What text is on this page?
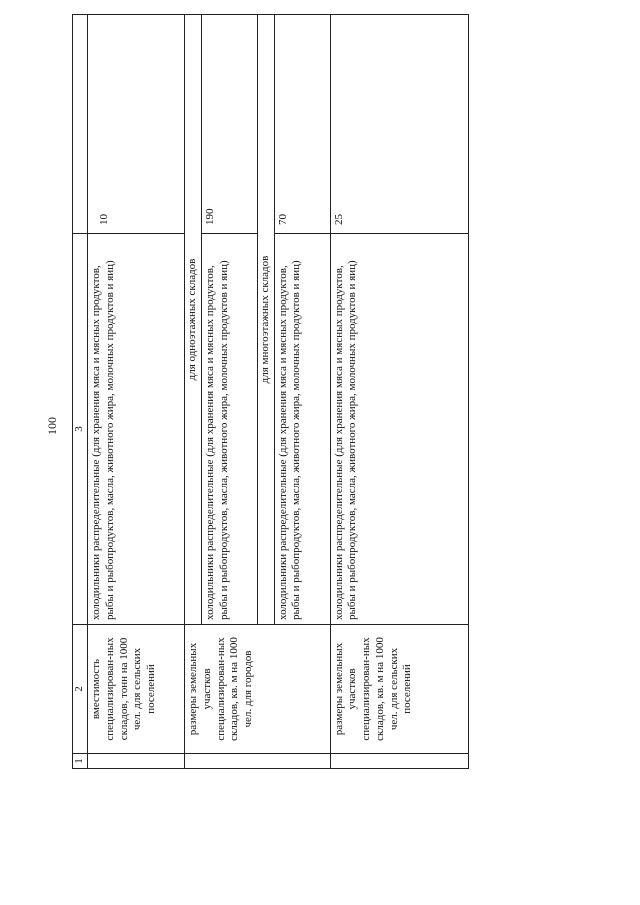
100
1	2	3	
	вместимость специализирован-ных складов, тонн на 1000 чел. для сельских поселений	холодильники распределительные (для хранения мяса и мясных продуктов, рыбы и рыбопродуктов, масла, животного жира, молочных продуктов и яиц)	10
	размеры земельных участков специализирован-ных складов, кв. м на 1000 чел. для городов	для одноэтажных складов	
		холодильники распределительные (для хранения мяса и мясных продуктов, рыбы и рыбопродуктов, масла, животного жира, молочных продуктов и яиц)	190
		для многоэтажных складов	
		холодильники распределительные (для хранения мяса и мясных продуктов, рыбы и рыбопродуктов, масла, животного жира, молочных продуктов и яиц)	70
	размеры земельных участков специализирован-ных складов, кв. м на 1000 чел. для сельских поселений	холодильники распределительные (для хранения мяса и мясных продуктов, рыбы и рыбопродуктов, масла, животного жира, молочных продуктов и яиц)	25
